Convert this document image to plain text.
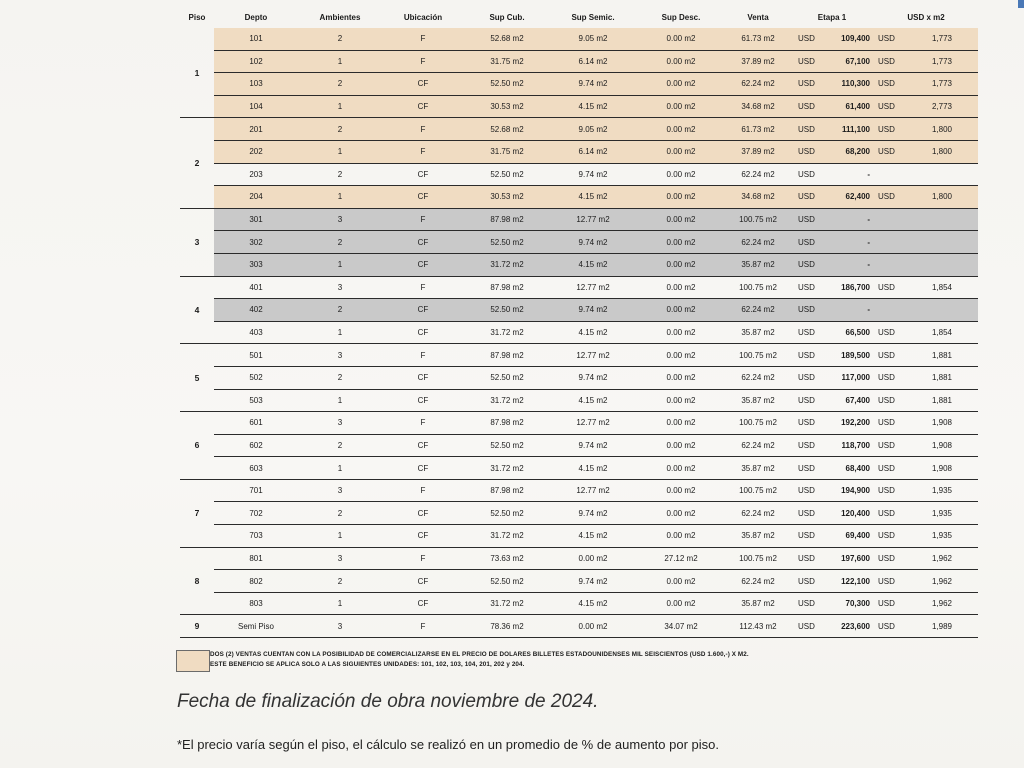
Piso	Depto	Ambientes	Ubicación	Sup Cub.	Sup Semic.	Sup Desc.	Venta	Etapa 1		USD x m2	
1	101	2	F	52.68 m2	9.05 m2	0.00 m2	61.73 m2	USD	109,400	USD	1,773
	102	1	F	31.75 m2	6.14 m2	0.00 m2	37.89 m2	USD	67,100	USD	1,773
	103	2	CF	52.50 m2	9.74 m2	0.00 m2	62.24 m2	USD	110,300	USD	1,773
	104	1	CF	30.53 m2	4.15 m2	0.00 m2	34.68 m2	USD	61,400	USD	2,773
2	201	2	F	52.68 m2	9.05 m2	0.00 m2	61.73 m2	USD	111,100	USD	1,800
	202	1	F	31.75 m2	6.14 m2	0.00 m2	37.89 m2	USD	68,200	USD	1,800
	203	2	CF	52.50 m2	9.74 m2	0.00 m2	62.24 m2	USD	-		
	204	1	CF	30.53 m2	4.15 m2	0.00 m2	34.68 m2	USD	62,400	USD	1,800
3	301	3	F	87.98 m2	12.77 m2	0.00 m2	100.75 m2	USD	-		
	302	2	CF	52.50 m2	9.74 m2	0.00 m2	62.24 m2	USD	-		
	303	1	CF	31.72 m2	4.15 m2	0.00 m2	35.87 m2	USD	-		
4	401	3	F	87.98 m2	12.77 m2	0.00 m2	100.75 m2	USD	186,700	USD	1,854
	402	2	CF	52.50 m2	9.74 m2	0.00 m2	62.24 m2	USD	-		
	403	1	CF	31.72 m2	4.15 m2	0.00 m2	35.87 m2	USD	66,500	USD	1,854
5	501	3	F	87.98 m2	12.77 m2	0.00 m2	100.75 m2	USD	189,500	USD	1,881
	502	2	CF	52.50 m2	9.74 m2	0.00 m2	62.24 m2	USD	117,000	USD	1,881
	503	1	CF	31.72 m2	4.15 m2	0.00 m2	35.87 m2	USD	67,400	USD	1,881
6	601	3	F	87.98 m2	12.77 m2	0.00 m2	100.75 m2	USD	192,200	USD	1,908
	602	2	CF	52.50 m2	9.74 m2	0.00 m2	62.24 m2	USD	118,700	USD	1,908
	603	1	CF	31.72 m2	4.15 m2	0.00 m2	35.87 m2	USD	68,400	USD	1,908
7	701	3	F	87.98 m2	12.77 m2	0.00 m2	100.75 m2	USD	194,900	USD	1,935
	702	2	CF	52.50 m2	9.74 m2	0.00 m2	62.24 m2	USD	120,400	USD	1,935
	703	1	CF	31.72 m2	4.15 m2	0.00 m2	35.87 m2	USD	69,400	USD	1,935
8	801	3	F	73.63 m2	0.00 m2	27.12 m2	100.75 m2	USD	197,600	USD	1,962
	802	2	CF	52.50 m2	9.74 m2	0.00 m2	62.24 m2	USD	122,100	USD	1,962
	803	1	CF	31.72 m2	4.15 m2	0.00 m2	35.87 m2	USD	70,300	USD	1,962
9	Semi Piso	3	F	78.36 m2	0.00 m2	34.07 m2	112.43 m2	USD	223,600	USD	1,989
DOS (2) VENTAS CUENTAN CON LA POSIBILIDAD DE COMERCIALIZARSE EN EL PRECIO DE DOLARES BILLETES ESTADOUNIDENSES MIL SEISCIENTOS (USD 1.600,-) X M2.
ESTE BENEFICIO SE APLICA SOLO A LAS SIGUIENTES UNIDADES: 101, 102, 103, 104, 201, 202 y 204.
Fecha de finalización de obra noviembre de 2024.
*El precio varía según el piso, el cálculo se realizó en un promedio de % de aumento por piso.
